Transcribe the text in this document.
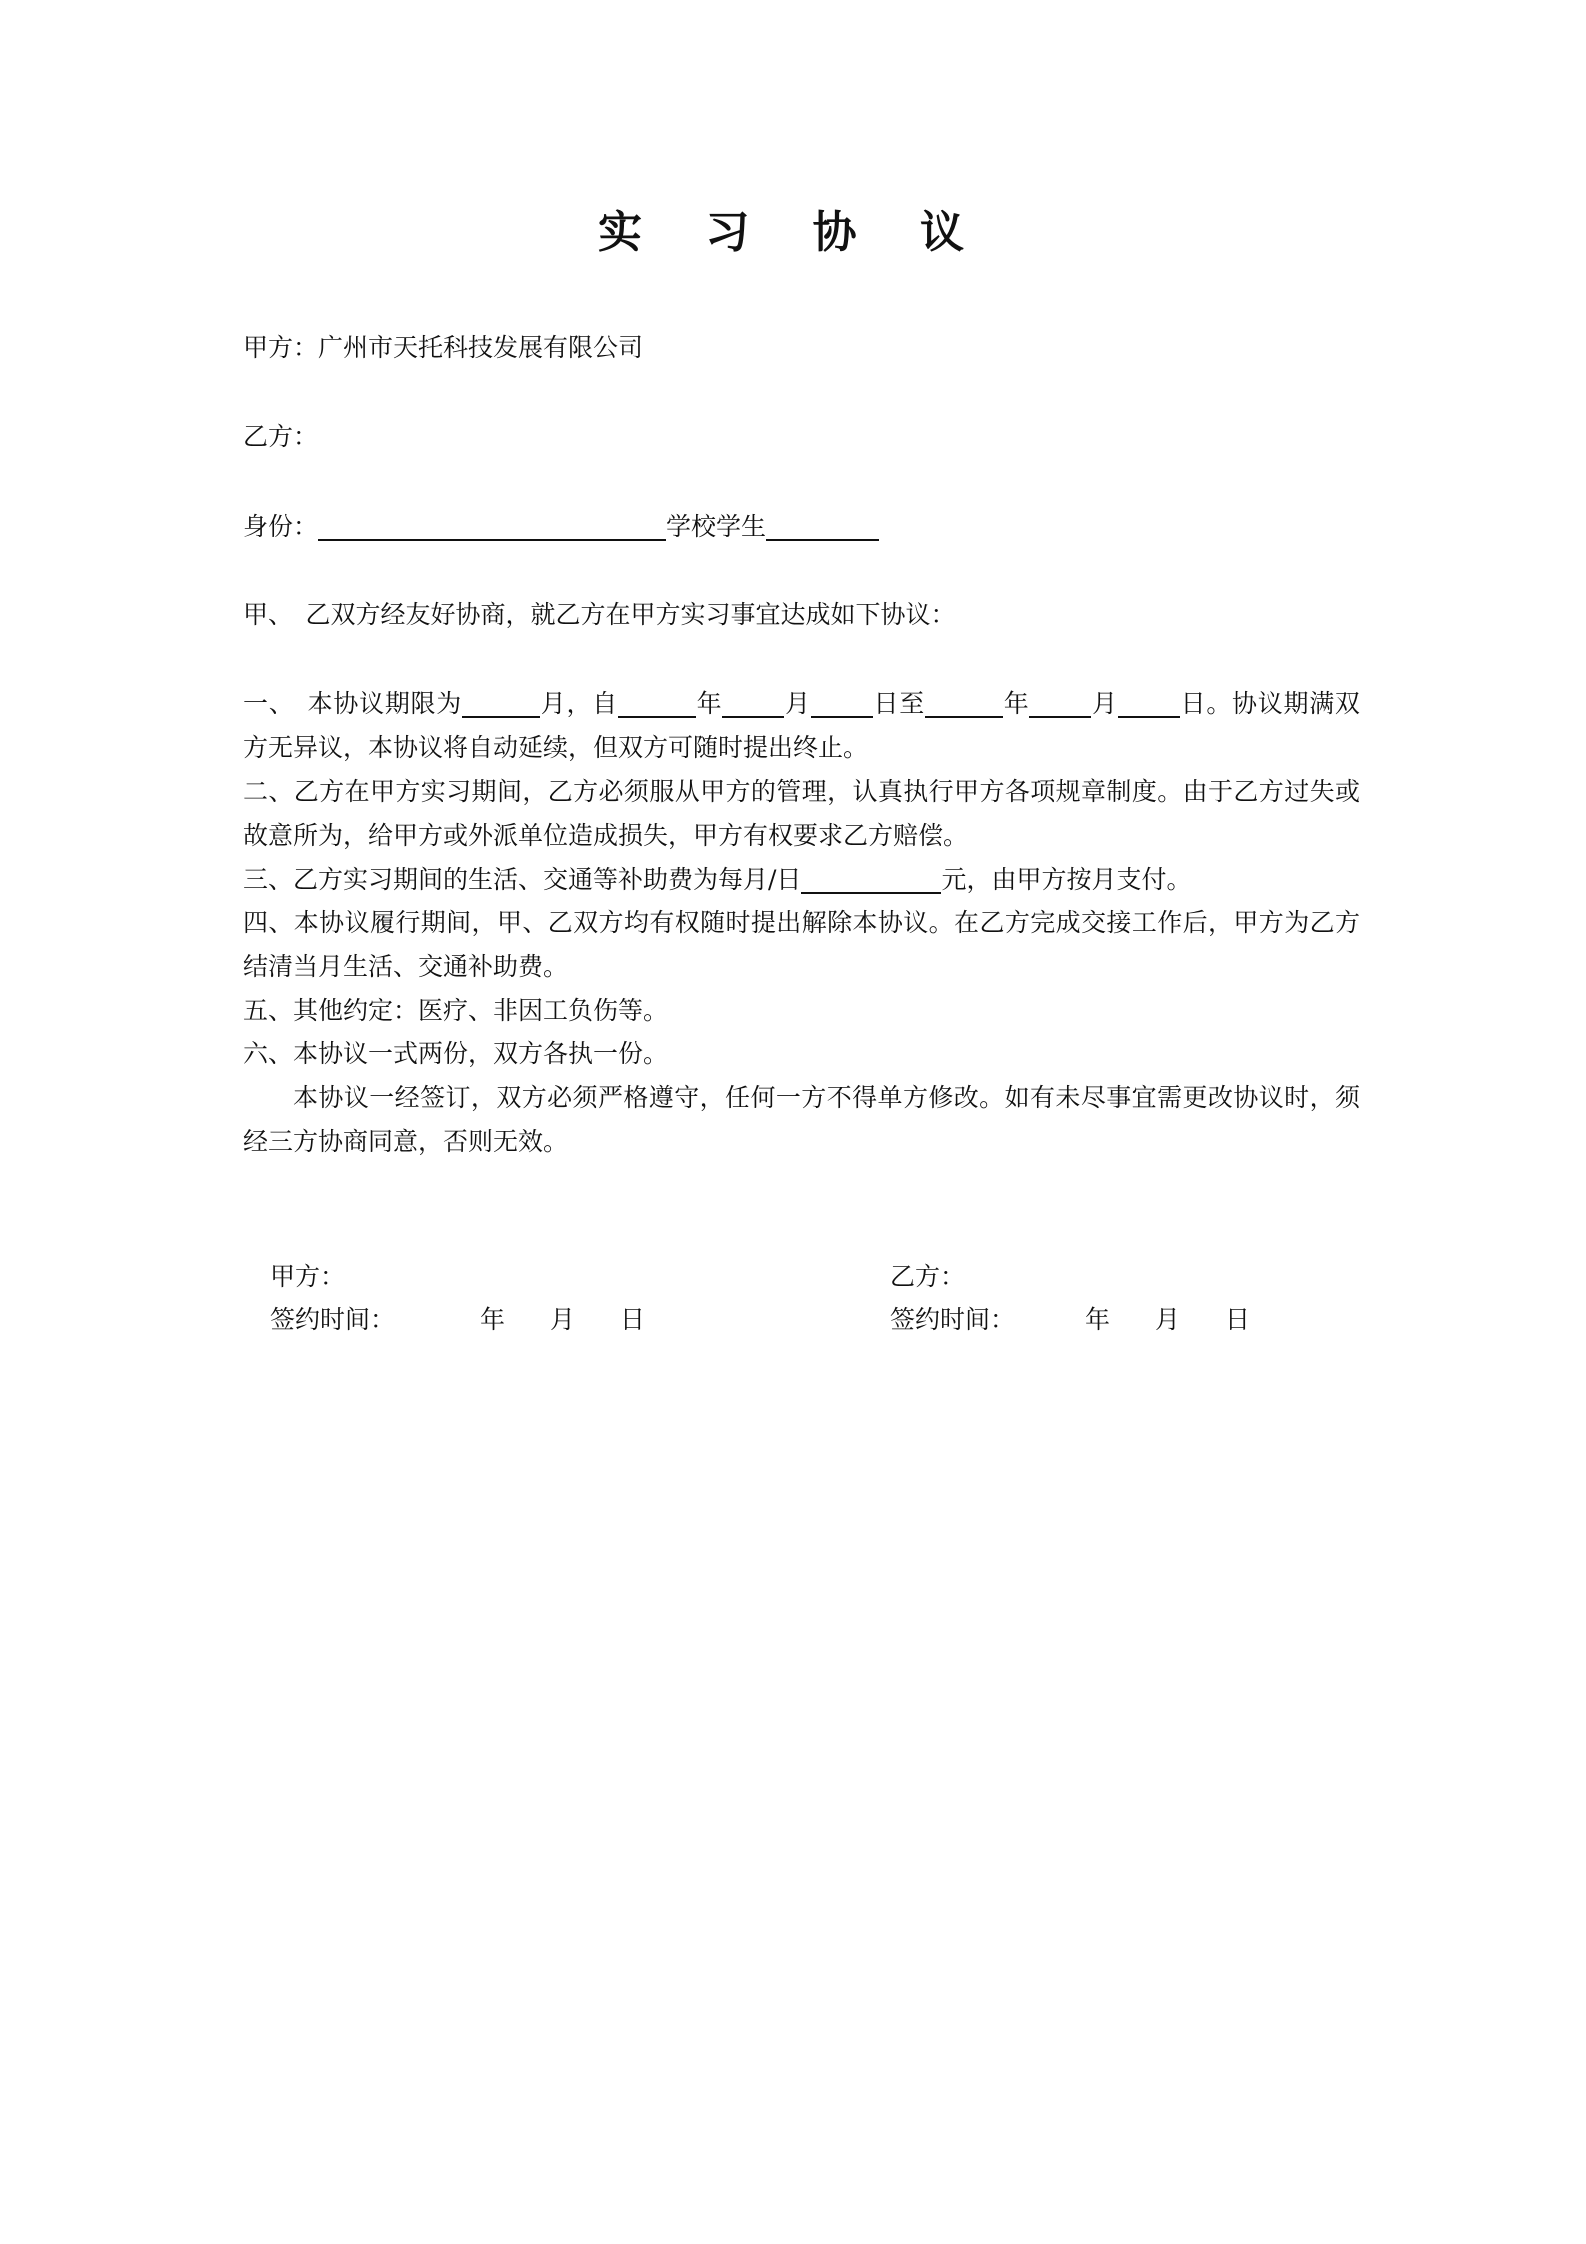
实 习 协 议
甲方：广州市天托科技发展有限公司
乙方：
身份：	学校学生
甲、　乙双方经友好协商，就乙方在甲方实习事宜达成如下协议：
一、　本协议期限为	月，自	年 月 日至	年 月 日。协议期满双方无异议，本协议将自动延续，但双方可随时提出终止。
二、乙方在甲方实习期间，乙方必须服从甲方的管理，认真执行甲方各项规章制度。由于乙方过失或故意所为，给甲方或外派单位造成损失，甲方有权要求乙方赔偿。
三、乙方实习期间的生活、交通等补助费为每月/日	元，由甲方按月支付。
四、本协议履行期间，甲、乙双方均有权随时提出解除本协议。在乙方完成交接工作后，甲方为乙方结清当月生活、交通补助费。
五、其他约定：医疗、非因工负伤等。
六、本协议一式两份，双方各执一份。
本协议一经签订，双方必须严格遵守，任何一方不得单方修改。如有未尽事宜需更改协议时，须经三方协商同意，否则无效。
甲方：	乙方：
签约时间：	年 月 日	签约时间：	年 月 日
